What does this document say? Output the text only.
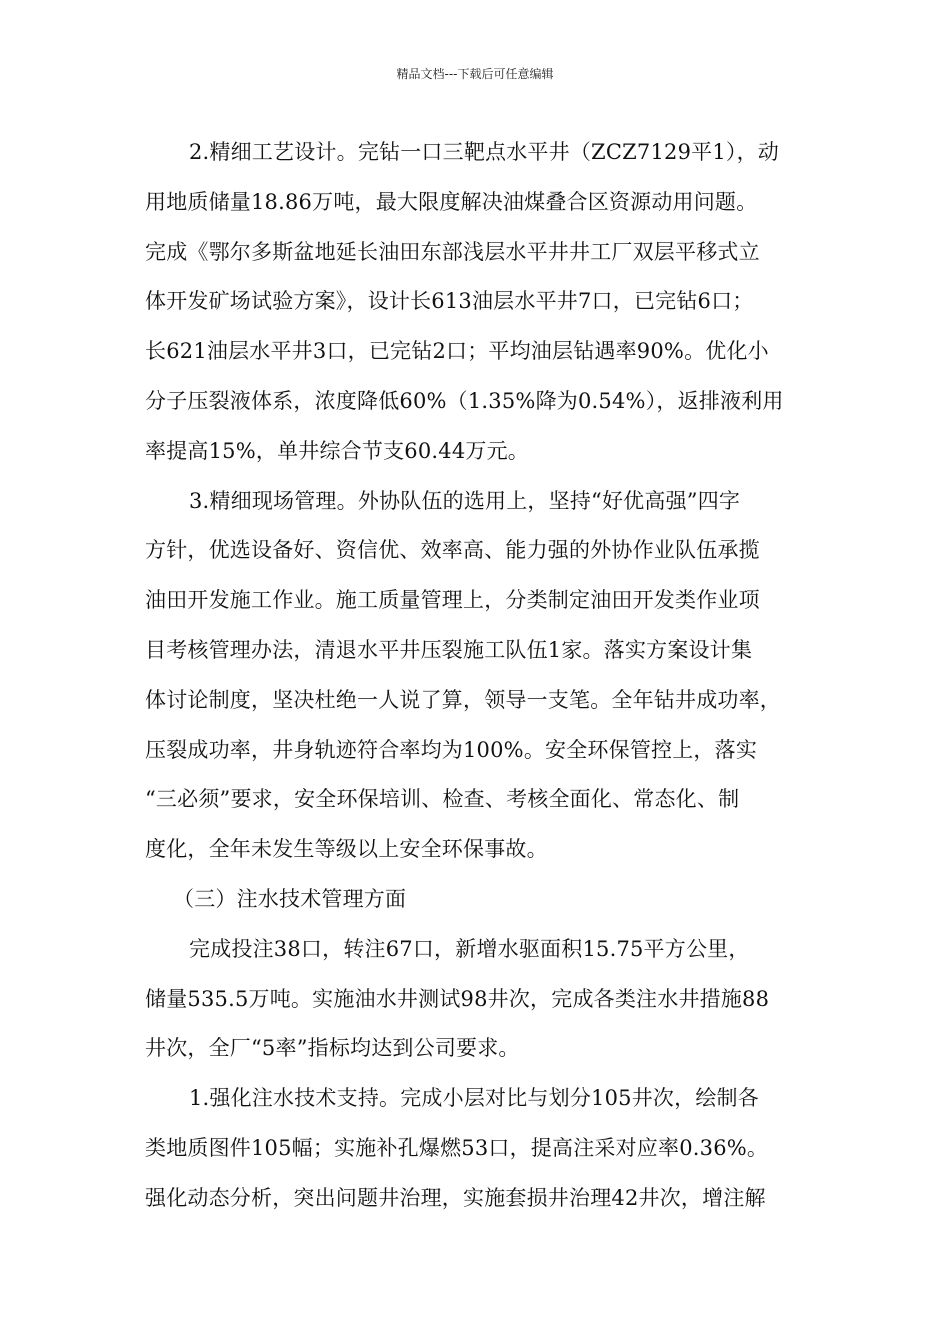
精品文档---下载后可任意编辑
2.精细工艺设计。完钻一口三靶点水平井（ZCZ7129平1），动
用地质储量18.86万吨，最大限度解决油煤叠合区资源动用问题。
完成《鄂尔多斯盆地延长油田东部浅层水平井井工厂双层平移式立
体开发矿场试验方案》，设计长613油层水平井7口，已完钻6口；
长621油层水平井3口，已完钻2口；平均油层钻遇率90%。优化小
分子压裂液体系，浓度降低60%（1.35%降为0.54%），返排液利用
率提高15%，单井综合节支60.44万元。
3.精细现场管理。外协队伍的选用上，坚持“好优高强”四字
方针，优选设备好、资信优、效率高、能力强的外协作业队伍承揽
油田开发施工作业。施工质量管理上，分类制定油田开发类作业项
目考核管理办法，清退水平井压裂施工队伍1家。落实方案设计集
体讨论制度，坚决杜绝一人说了算，领导一支笔。全年钻井成功率，
压裂成功率，井身轨迹符合率均为100%。安全环保管控上，落实
“三必须”要求，安全环保培训、检查、考核全面化、常态化、制
度化，全年未发生等级以上安全环保事故。
（三）注水技术管理方面
完成投注38口，转注67口，新增水驱面积15.75平方公里，
储量535.5万吨。实施油水井测试98井次，完成各类注水井措施88
井次，全厂“5率”指标均达到公司要求。
1.强化注水技术支持。完成小层对比与划分105井次，绘制各
类地质图件105幅；实施补孔爆燃53口，提高注采对应率0.36%。
强化动态分析，突出问题井治理，实施套损井治理42井次，增注解
